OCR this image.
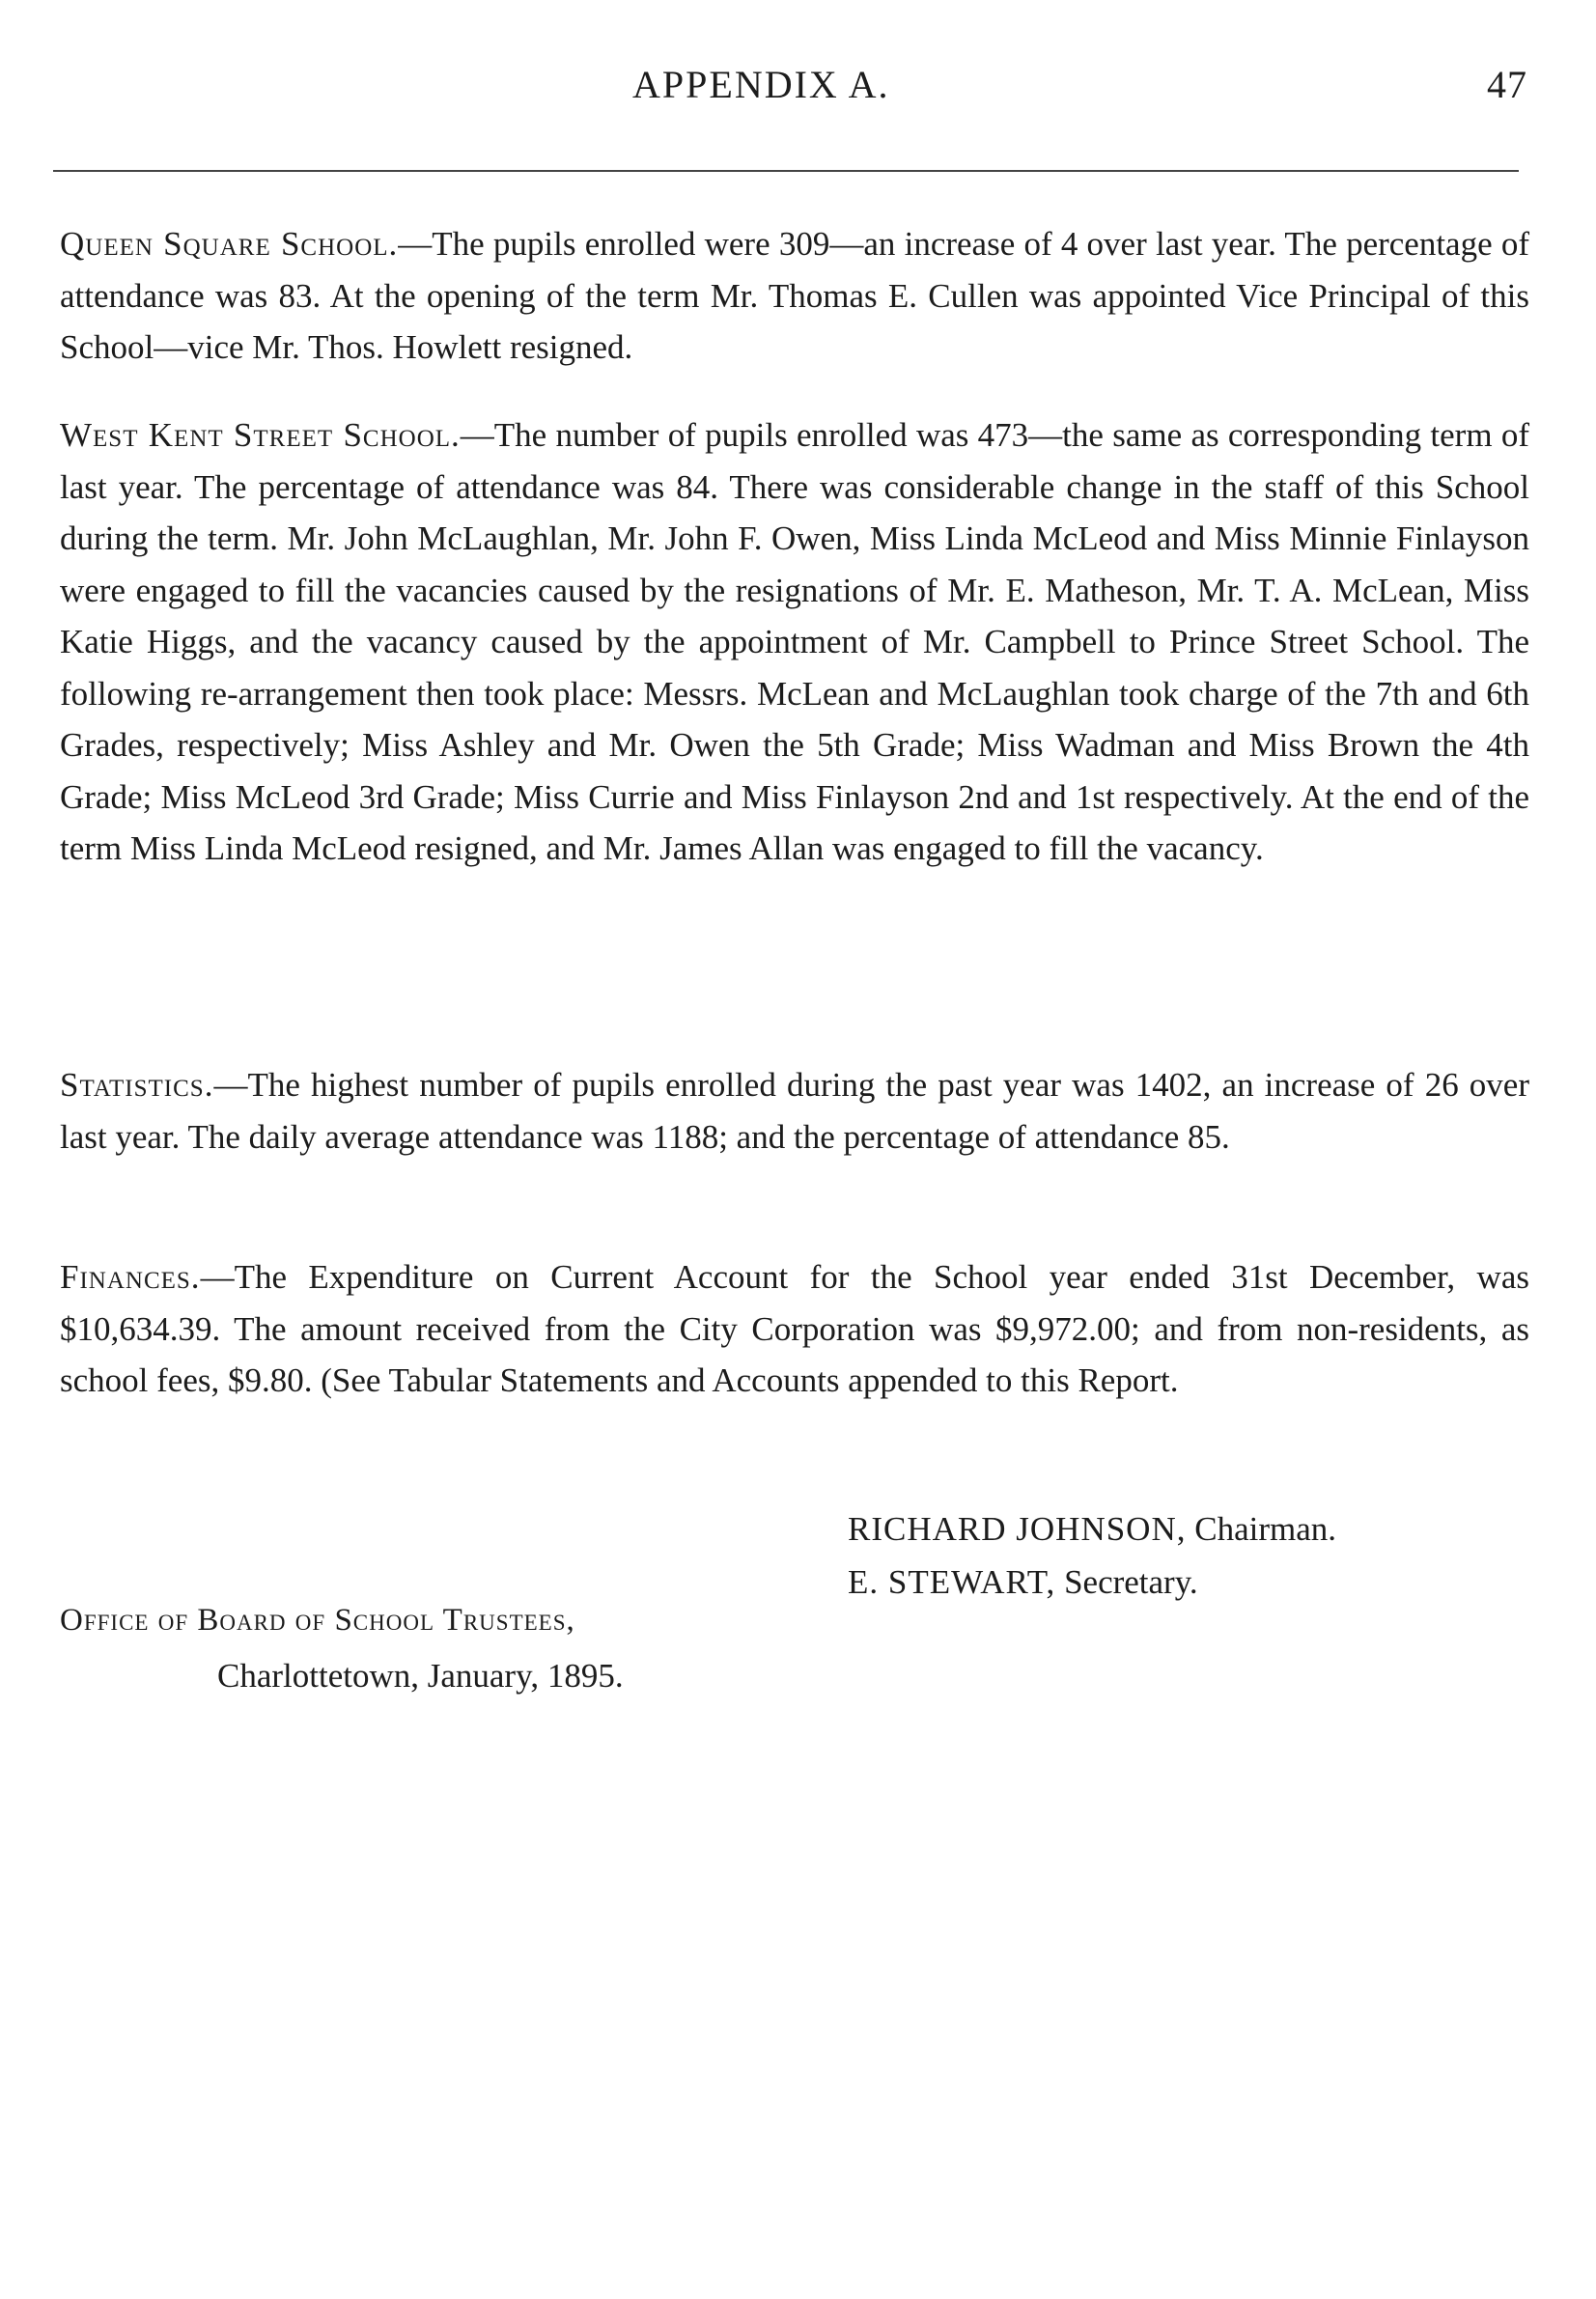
APPENDIX A.	47

Queen Square School.—The pupils enrolled were 309—an increase of 4 over last year. The percentage of attendance was 83. At the opening of the term Mr. Thomas E. Cullen was appointed Vice Principal of this School—vice Mr. Thos. Howlett resigned.

West Kent Street School.—The number of pupils enrolled was 473—the same as corresponding term of last year. The percentage of attendance was 84. There was considerable change in the staff of this School during the term. Mr. John McLaughlan, Mr. John F. Owen, Miss Linda McLeod and Miss Minnie Finlayson were engaged to fill the vacancies caused by the resignations of Mr. E. Matheson, Mr. T. A. McLean, Miss Katie Higgs, and the vacancy caused by the appointment of Mr. Campbell to Prince Street School. The following re-arrangement then took place: Messrs. McLean and McLaughlan took charge of the 7th and 6th Grades, respectively; Miss Ashley and Mr. Owen the 5th Grade; Miss Wadman and Miss Brown the 4th Grade; Miss McLeod 3rd Grade; Miss Currie and Miss Finlayson 2nd and 1st respectively. At the end of the term Miss Linda McLeod resigned, and Mr. James Allan was engaged to fill the vacancy.

Statistics.—The highest number of pupils enrolled during the past year was 1402, an increase of 26 over last year. The daily average attendance was 1188; and the percentage of attendance 85.

Finances.—The Expenditure on Current Account for the School year ended 31st December, was $10,634.39. The amount received from the City Corporation was $9,972.00; and from non-residents, as school fees, $9.80. (See Tabular Statements and Accounts appended to this Report.

RICHARD JOHNSON, Chairman.

E. STEWART, Secretary.

Office of Board of School Trustees,

Charlottetown, January, 1895.
